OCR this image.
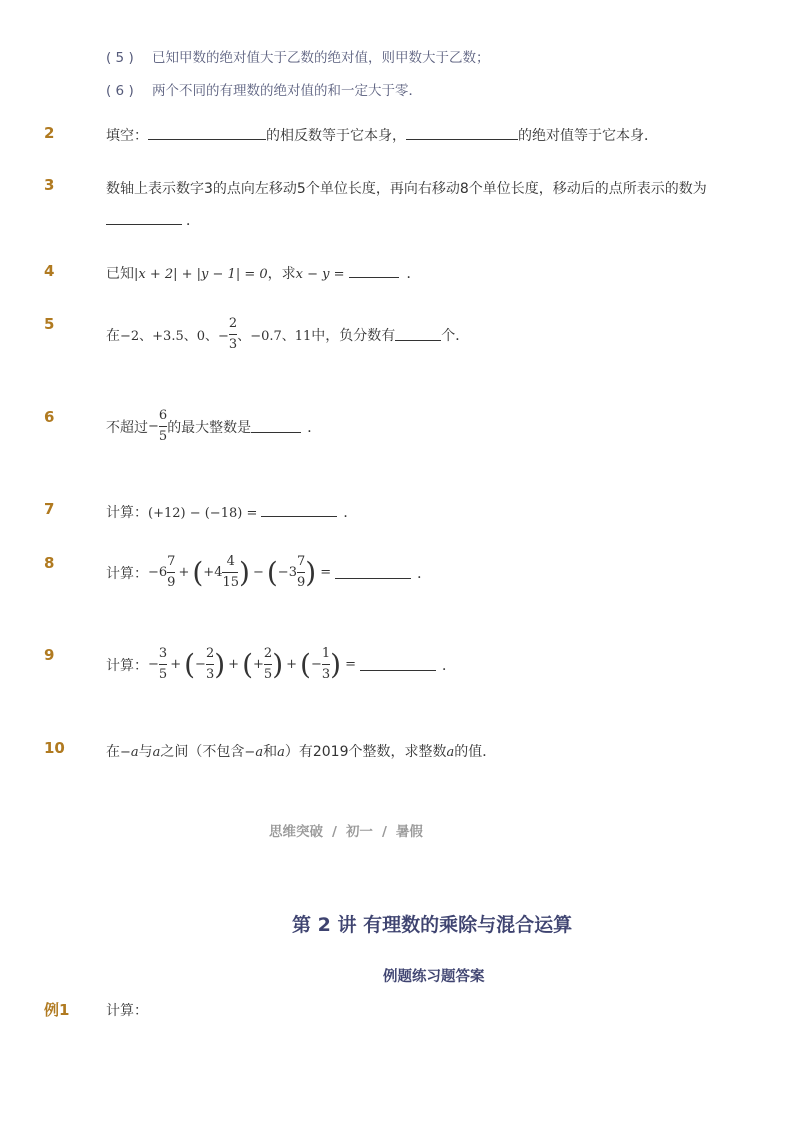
( 5 ) 已知甲数的绝对值大于乙数的绝对值，则甲数大于乙数；
( 6 ) 两个不同的有理数的绝对值的和一定大于零．
2	填空：	的相反数等于它本身，	的绝对值等于它本身．
3	数轴上表示数字3的点向左移动5个单位长度，再向右移动8个单位长度，移动后的点所表示的数为
．
4	已知|x + 2| + |y − 1| = 0，求x − y =	．
5
在 −2、+3.5、0、− $\frac{2}{3}$ 、−0.7、11 中，负分数有	个．
6
不超过 − $\frac{6}{5}$ 的最大整数是	．
7	计算：(+12) − (−18) =	．
8
计算： $-6 \frac{7}{9}$ + ( $+4 \frac{4}{15}$ ) − ( $-3 \frac{7}{9}$ ) =	．
9
计算： − $\frac{3}{5}$ + ( − $\frac{2}{3}$ ) + ( + $\frac{2}{5}$ ) + ( − $\frac{1}{3}$ ) =	．
10	在−a与a之间（不包含−a和a）有2019个整数，求整数a的值．
思维突破 / 初一 / 暑假
第 2 讲 有理数的乘除与混合运算
例题练习题答案
例1	计算：
